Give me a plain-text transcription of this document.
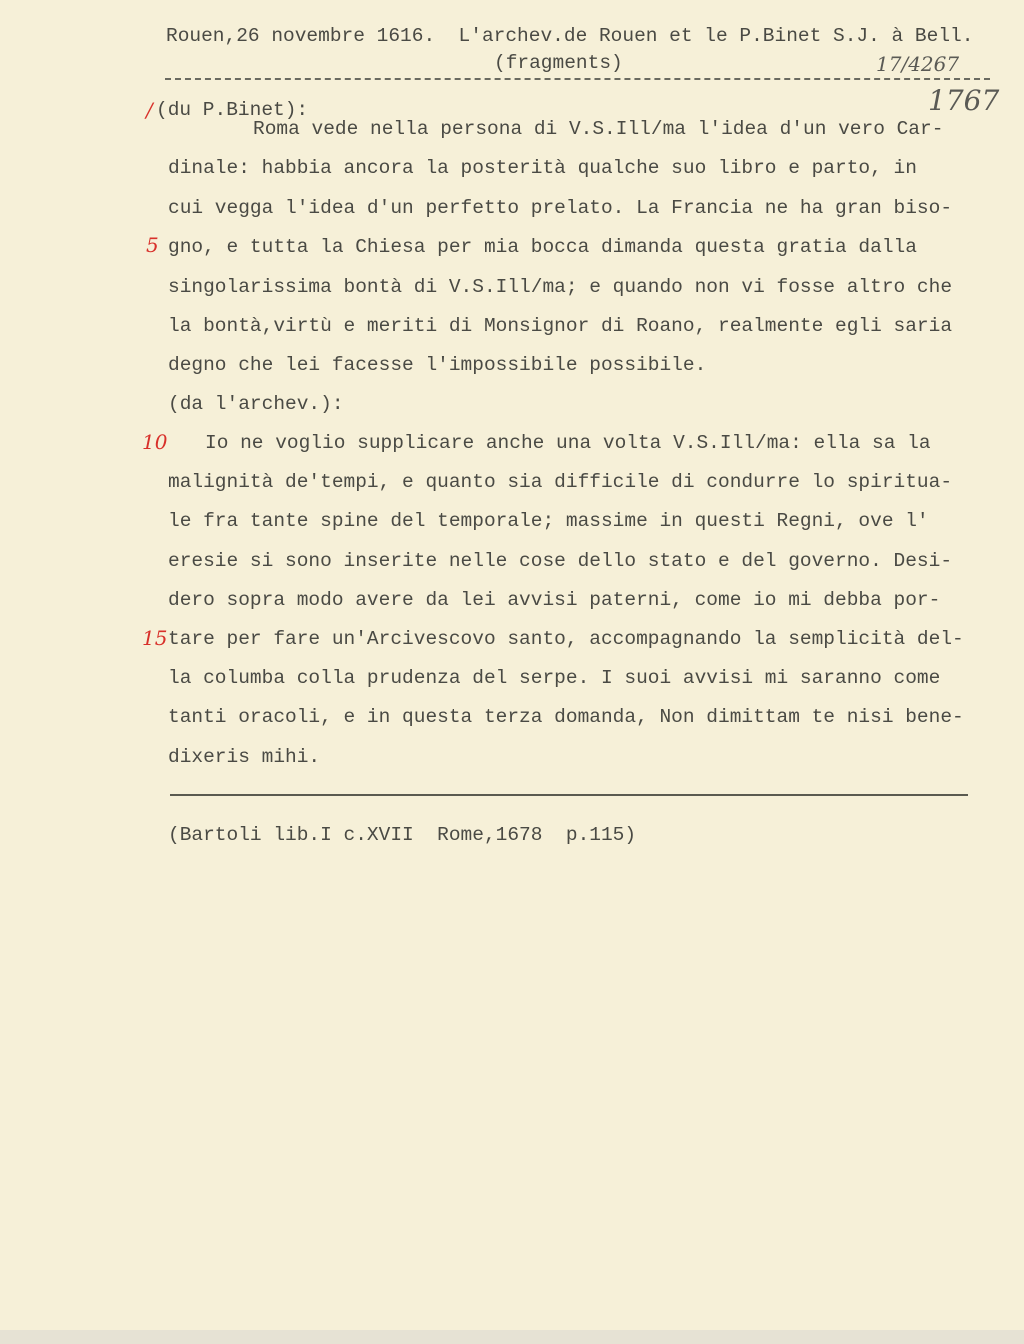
Rouen,26 novembre 1616.  L'archev.de Rouen et le P.Binet S.J. à Bell.
(fragments)	17/4267
1767
/ (du P.Binet):
Roma vede nella persona di V.S.Ill/ma l'idea d'un vero Car-
dinale: habbia ancora la posterità qualche suo libro e parto, in
cui vegga l'idea d'un perfetto prelato. La Francia ne ha gran biso-
5 gno, e tutta la Chiesa per mia bocca dimanda questa gratia dalla
singolarissima bontà di V.S.Ill/ma; e quando non vi fosse altro che
la bontà,virtù e meriti di Monsignor di Roano, realmente egli saria
degno che lei facesse l'impossibile possibile.
(da l'archev.):
10 Io ne voglio supplicare anche una volta V.S.Ill/ma: ella sa la
malignità de'tempi, e quanto sia difficile di condurre lo spiritua-
le fra tante spine del temporale; massime in questi Regni, ove l'
eresie si sono inserite nelle cose dello stato e del governo. Desi-
dero sopra modo avere da lei avvisi paterni, come io mi debba por-
15 tare per fare un'Arcivescovo santo, accompagnando la semplicità del-
la columba colla prudenza del serpe. I suoi avvisi mi saranno come
tanti oracoli, e in questa terza domanda, Non dimittam te nisi bene-
dixeris mihi.
(Bartoli lib.I c.XVII  Rome,1678  p.115)
